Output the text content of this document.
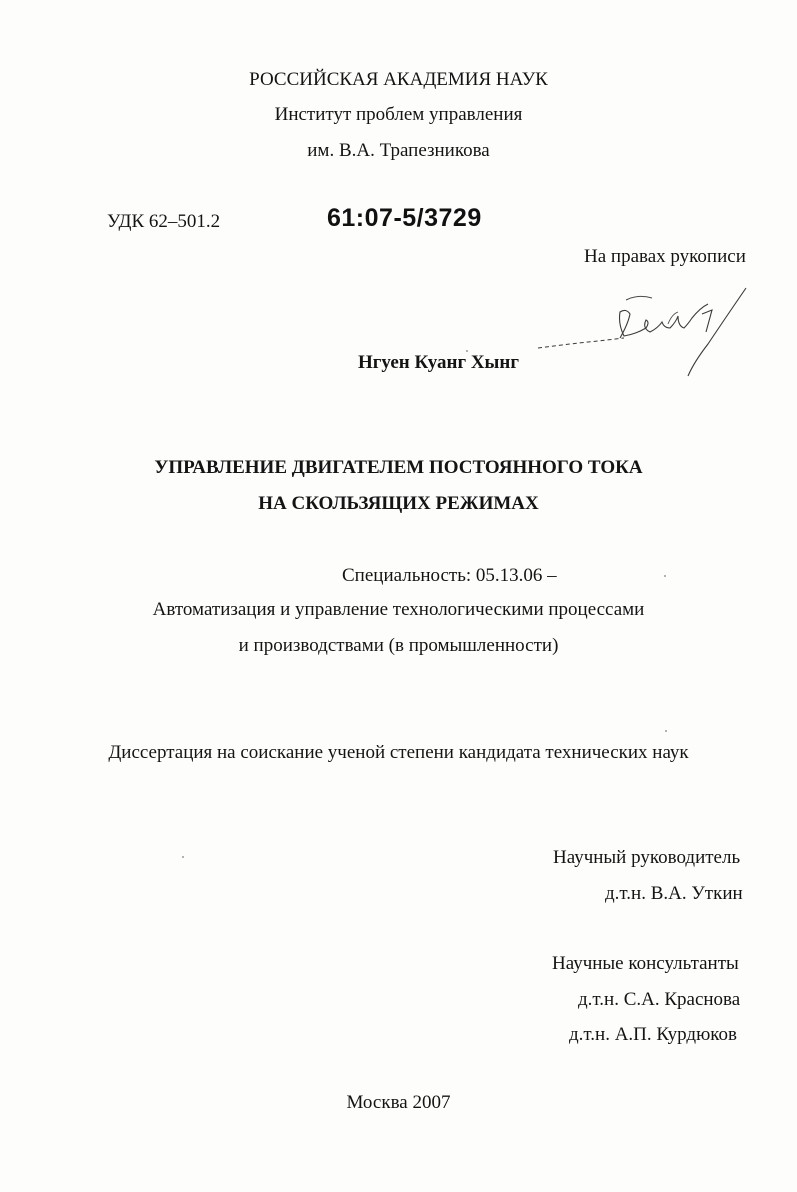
РОССИЙСКАЯ АКАДЕМИЯ НАУК
Институт проблем управления
им. В.А. Трапезникова
УДК 62–501.2	61:07-5/3729
На правах рукописи
Нгуен Куанг Хынг
УПРАВЛЕНИЕ ДВИГАТЕЛЕМ ПОСТОЯННОГО ТОКА
НА СКОЛЬЗЯЩИХ РЕЖИМАХ
Специальность: 05.13.06 –
Автоматизация и управление технологическими процессами
и производствами (в промышленности)
Диссертация на соискание ученой степени кандидата технических наук
Научный руководитель
д.т.н. В.А. Уткин
Научные консультанты
д.т.н. С.А. Краснова
д.т.н. А.П. Курдюков
Москва 2007
